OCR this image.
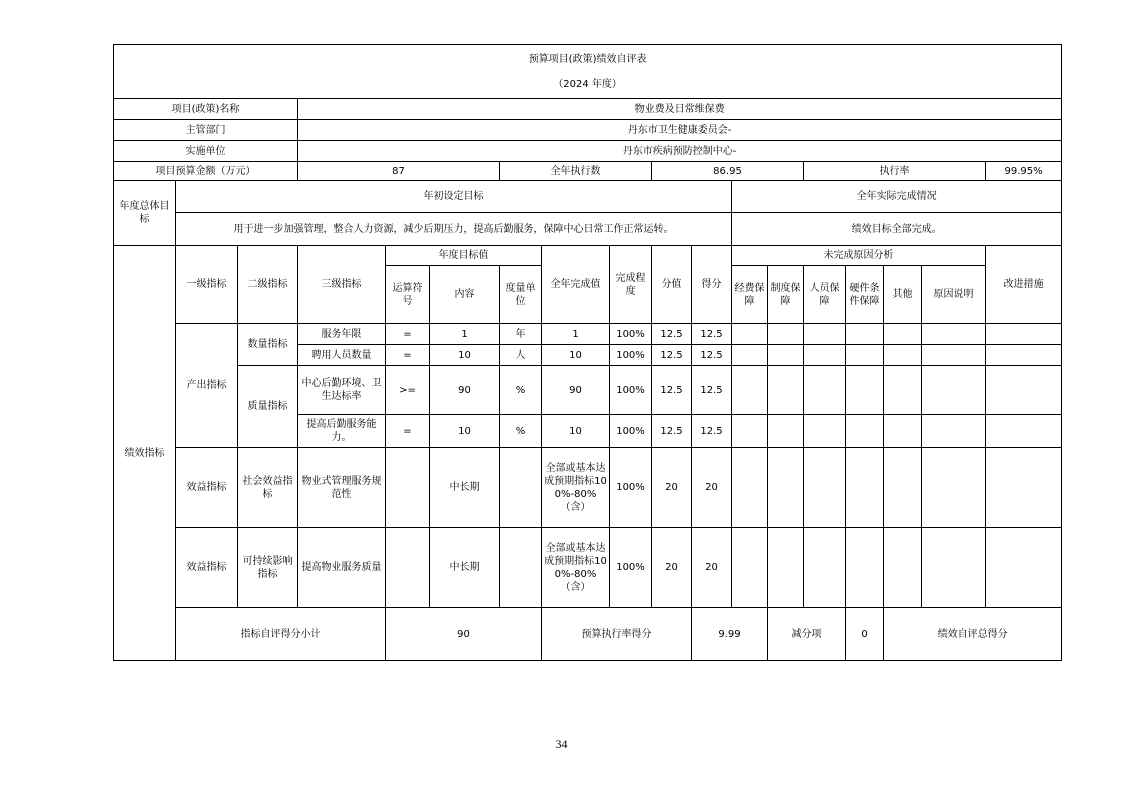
预算项目(政策)绩效自评表
（2024 年度）																		

项目(政策)名称			物业费及日常维保费															
主管部门			丹东市卫生健康委员会-															
实施单位			丹东市疾病预防控制中心-															
项目预算金额（万元）			87			全年执行数			86.95				执行率				99.95%	
年度总体目标	年初设定目标										全年实际完成情况							
	用于进一步加强管理，整合人力资源，减少后期压力，提高后勤服务，保障中心日常工作正常运转。										绩效目标全部完成。							
绩效指标	一级指标	二级指标	三级指标	年度目标值			全年完成值	完成程度	分值	得分	未完成原因分析						改进措施	
				运算符号	内容	度量单位					经费保障	制度保障	人员保障	硬件条件保障	其他	原因说明		
	产出指标	数量指标	服务年限	=	1	年	1	100%	12.5	12.5								
			聘用人员数量	=	10	人	10	100%	12.5	12.5								
		质量指标	中心后勤环境、卫生达标率	>=	90	%	90	100%	12.5	12.5								
			提高后勤服务能力。	=	10	%	10	100%	12.5	12.5								
	效益指标	社会效益指标	物业式管理服务规范性		中长期		全部或基本达成预期指标100%-80%（含）	100%	20	20								
	效益指标	可持续影响指标	提高物业服务质量		中长期		全部或基本达成预期指标100%-80%（含）	100%	20	20								
	指标自评得分小计			90			预算执行率得分			9.99		减分项		0	绩效自评总得分	
34
